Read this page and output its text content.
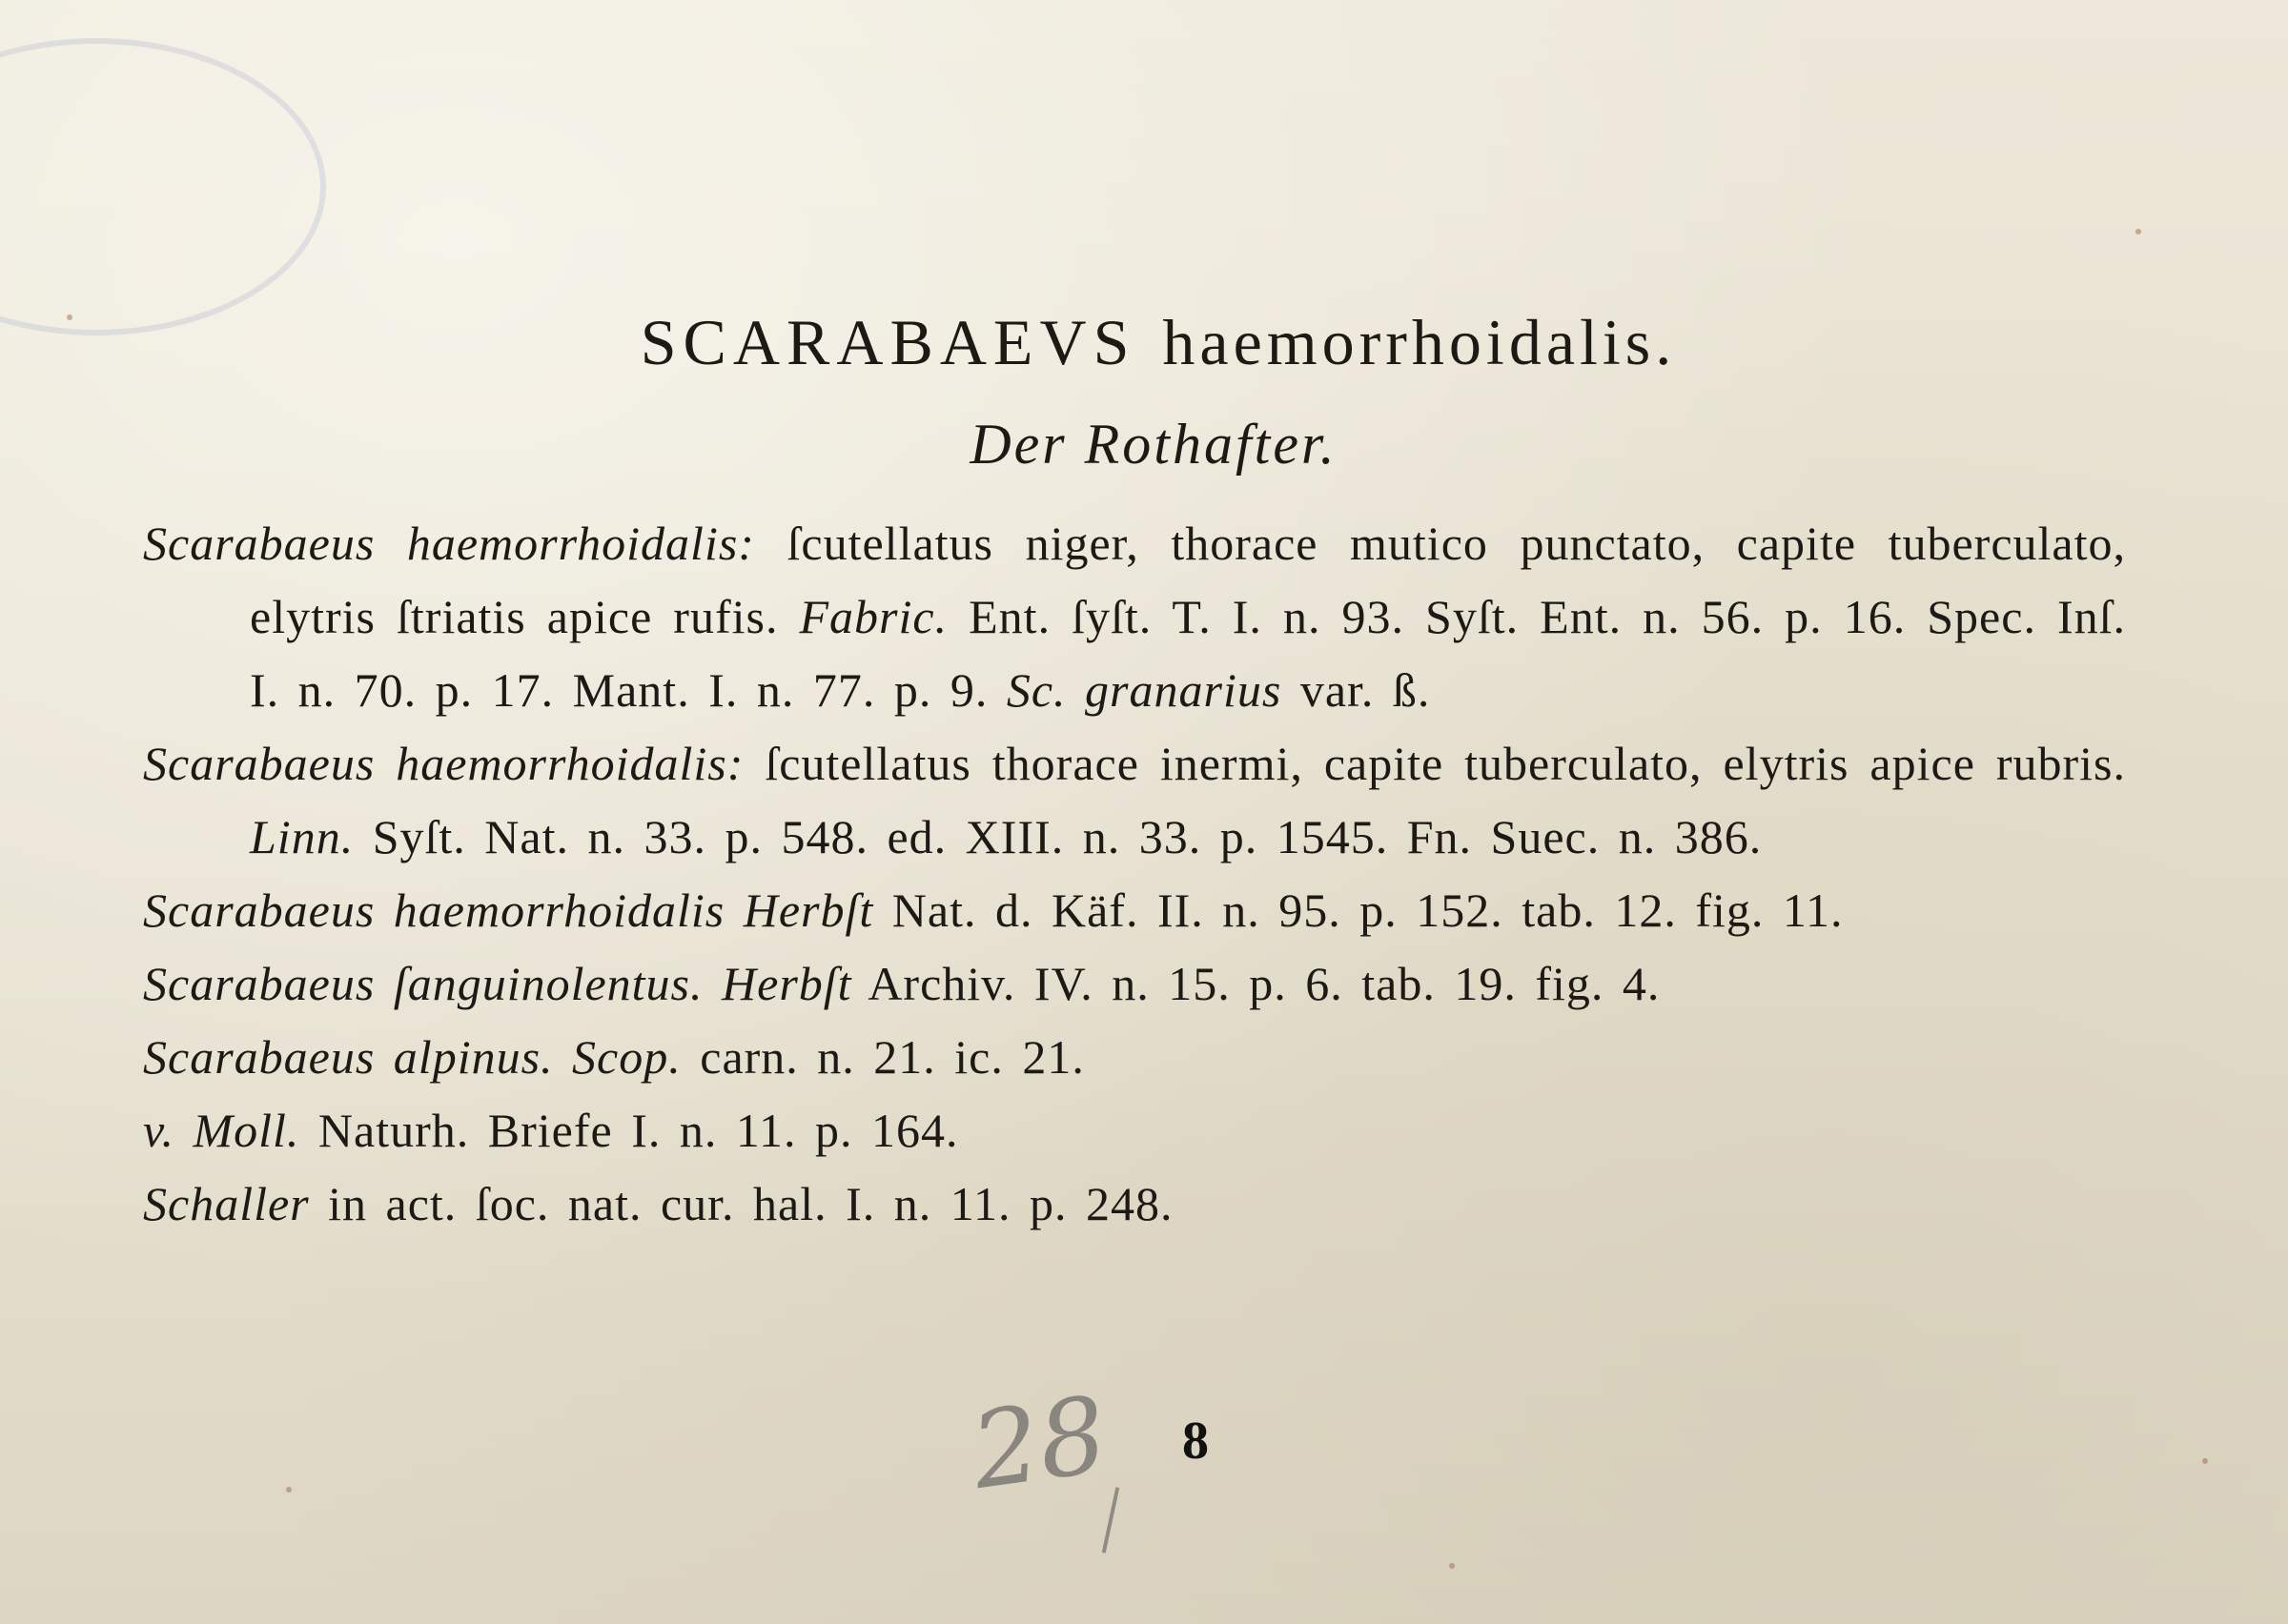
SCARABAEVS haemorrhoidalis.
Der Rothafter.
Scarabaeus haemorrhoidalis: ſcutellatus niger, thorace mutico punctato, capite tuberculato, elytris ſtriatis apice rufis. Fabric. Ent. ſyſt. T. I. n. 93. Syſt. Ent. n. 56. p. 16. Spec. Inſ. I. n. 70. p. 17. Mant. I. n. 77. p. 9. Sc. granarius var. ß.
Scarabaeus haemorrhoidalis: ſcutellatus thorace inermi, capite tuberculato, elytris apice rubris. Linn. Syſt. Nat. n. 33. p. 548. ed. XIII. n. 33. p. 1545. Fn. Suec. n. 386.
Scarabaeus haemorrhoidalis Herbſt Nat. d. Käf. II. n. 95. p. 152. tab. 12. fig. 11.
Scarabaeus ſanguinolentus. Herbſt Archiv. IV. n. 15. p. 6. tab. 19. fig. 4.
Scarabaeus alpinus. Scop. carn. n. 21. ic. 21.
v. Moll. Naturh. Briefe I. n. 11. p. 164.
Schaller in act. ſoc. nat. cur. hal. I. n. 11. p. 248.
28 8
